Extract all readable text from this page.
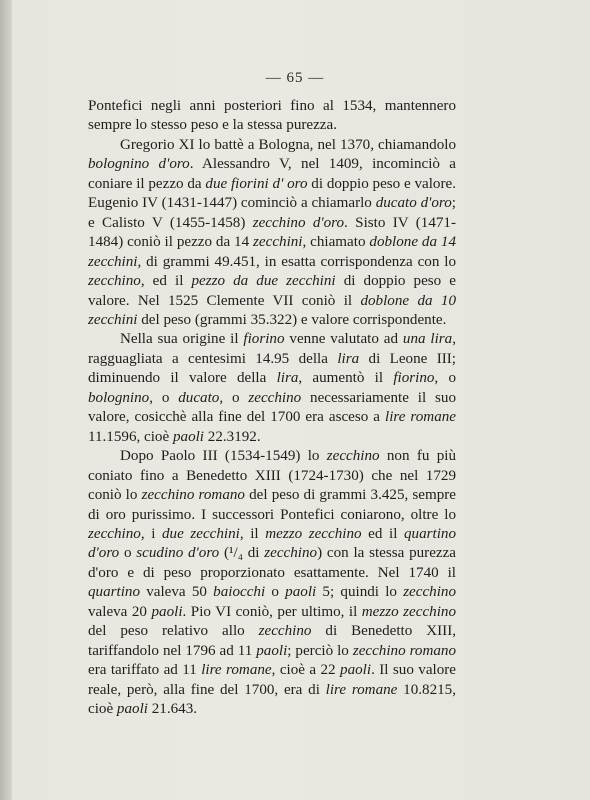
— 65 —

Pontefici negli anni posteriori fino al 1534, mantennero sempre lo stesso peso e la stessa purezza.

Gregorio XI lo battè a Bologna, nel 1370, chiamandolo bolognino d'oro. Alessandro V, nel 1409, incominciò a coniare il pezzo da due fiorini d' oro di doppio peso e valore. Eugenio IV (1431-1447) cominciò a chiamarlo ducato d'oro; e Calisto V (1455-1458) zecchino d'oro. Sisto IV (1471-1484) coniò il pezzo da 14 zecchini, chiamato doblone da 14 zecchini, di grammi 49.451, in esatta corrispondenza con lo zecchino, ed il pezzo da due zecchini di doppio peso e valore. Nel 1525 Clemente VII coniò il doblone da 10 zecchini del peso (grammi 35.322) e valore corrispondente.

Nella sua origine il fiorino venne valutato ad una lira, ragguagliata a centesimi 14.95 della lira di Leone III; diminuendo il valore della lira, aumentò il fiorino, o bolognino, o ducato, o zecchino necessariamente il suo valore, cosicchè alla fine del 1700 era asceso a lire romane 11.1596, cioè paoli 22.3192.

Dopo Paolo III (1534-1549) lo zecchino non fu più coniato fino a Benedetto XIII (1724-1730) che nel 1729 coniò lo zecchino romano del peso di grammi 3.425, sempre di oro purissimo. I successori Pontefici coniarono, oltre lo zecchino, i due zecchini, il mezzo zecchino ed il quartino d'oro o scudino d'oro (¹/₄ di zecchino) con la stessa purezza d'oro e di peso proporzionato esattamente. Nel 1740 il quartino valeva 50 baiocchi o paoli 5; quindi lo zecchino valeva 20 paoli. Pio VI coniò, per ultimo, il mezzo zecchino del peso relativo allo zecchino di Benedetto XIII, tariffandolo nel 1796 ad 11 paoli; perciò lo zecchino romano era tariffato ad 11 lire romane, cioè a 22 paoli. Il suo valore reale, però, alla fine del 1700, era di lire romane 10.8215, cioè paoli 21.643.
